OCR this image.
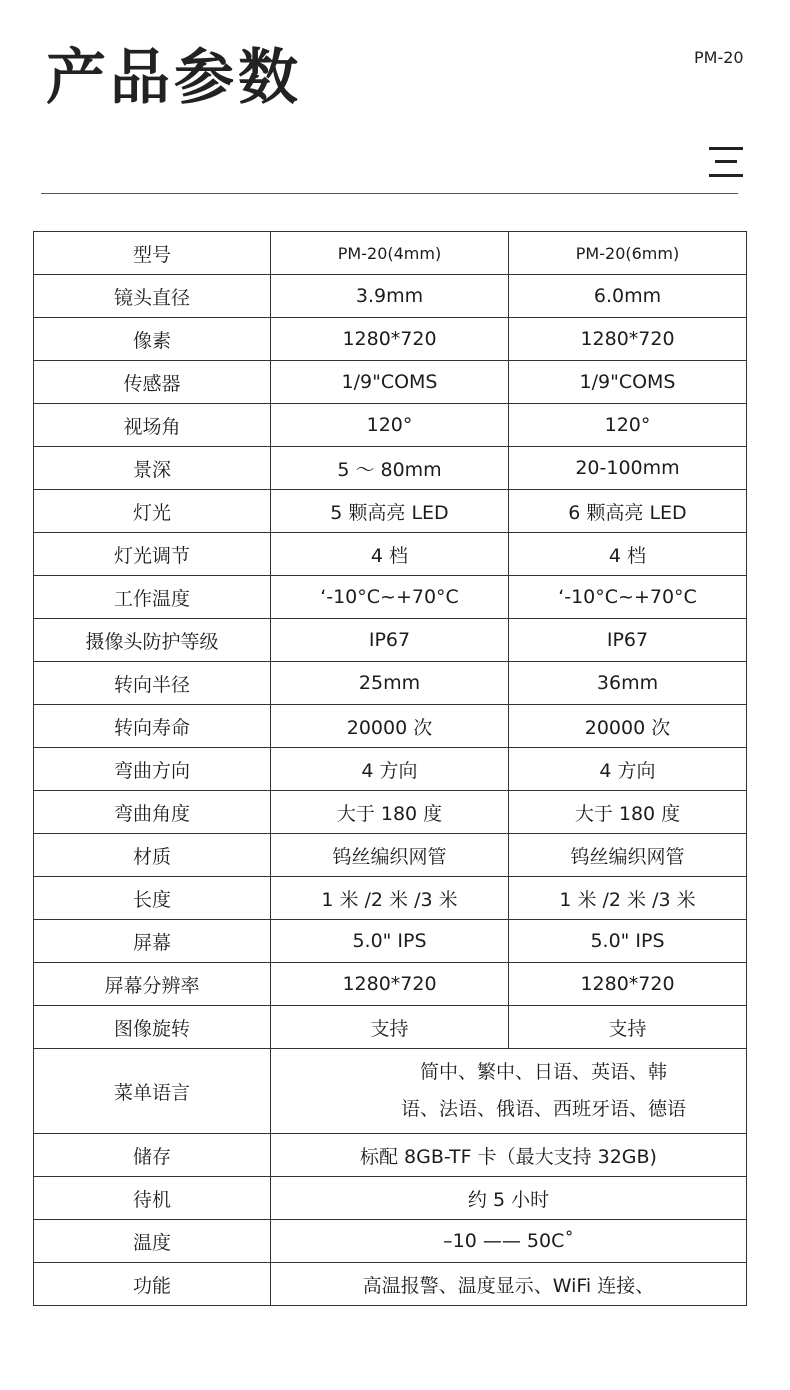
产品参数	PM-20
型号	PM-20(4mm)	PM-20(6mm)
镜头直径	3.9mm	6.0mm
像素	1280*720	1280*720
传感器	1/9"COMS	1/9"COMS
视场角	120°	120°
景深	5 ～ 80mm	20-100mm
灯光	5 颗高亮 LED	6 颗高亮 LED
灯光调节	4 档	4 档
工作温度	‘-10°C~+70°C	‘-10°C~+70°C
摄像头防护等级	IP67	IP67
转向半径	25mm	36mm
转向寿命	20000 次	20000 次
弯曲方向	4 方向	4 方向
弯曲角度	大于 180 度	大于 180 度
材质	钨丝编织网管	钨丝编织网管
长度	1 米 /2 米 /3 米	1 米 /2 米 /3 米
屏幕	5.0" IPS	5.0" IPS
屏幕分辨率	1280*720	1280*720
图像旋转	支持	支持
菜单语言	简中、繁中、日语、英语、韩
语、法语、俄语、西班牙语、德语	

储存	标配 8GB-TF 卡（最大支持 32GB)	
待机	约 5 小时	
温度	–10 —— 50C˚	
功能	高温报警、温度显示、WiFi 连接、	
